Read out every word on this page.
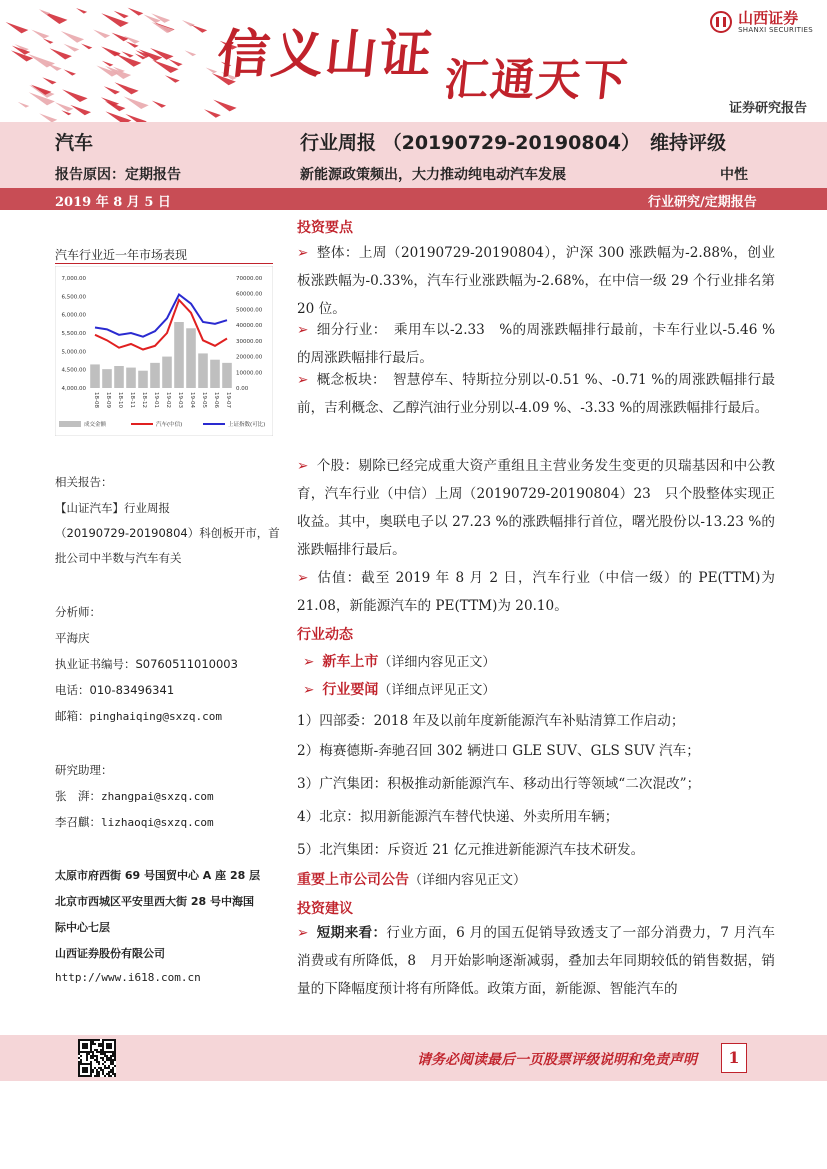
信义山证 汇通天下
山西证券
SHANXI SECURITIES
证券研究报告
汽车	行业周报 （20190729-20190804） 维持评级
报告原因：定期报告	新能源政策频出，大力推动纯电动汽车发展	中性
2019 年 8 月 5 日	行业研究/定期报告
汽车行业近一年市场表现
7,000.00
6,500.00
6,000.00
5,500.00
5,000.00
4,500.00
4,000.00
70000.00
60000.00
50000.00
40000.00
30000.00
20000.00
10000.00
0.00
18-08 18-09 18-10 18-11 18-12 19-01 19-02 19-03 19-04 19-05 19-06 19-07
成交金额	汽车(中信)	上证指数(可比)
相关报告：
【山证汽车】行业周报
（20190729-20190804）科创板开市，首
批公司中半数与汽车有关
分析师：
平海庆
执业证书编号：S0760511010003
电话：010-83496341
邮箱：pinghaiqing@sxzq.com
研究助理：
张　湃：zhangpai@sxzq.com
李召麒：lizhaoqi@sxzq.com
太原市府西街 69 号国贸中心 A 座 28 层
北京市西城区平安里西大街 28 号中海国
际中心七层
山西证券股份有限公司
http://www.i618.com.cn
投资要点
➢ 整体：上周（20190729-20190804），沪深 300 涨跌幅为-2.88%，创业板涨跌幅为-0.33%，汽车行业涨跌幅为-2.68%，在中信一级 29 个行业排名第 20 位。
➢ 细分行业：　乘用车以-2.33　%的周涨跌幅排行最前，卡车行业以-5.46 %的周涨跌幅排行最后。
➢ 概念板块：　智慧停车、特斯拉分别以-0.51 %、-0.71 %的周涨跌幅排行最前，吉利概念、乙醇汽油行业分别以-4.09 %、-3.33 %的周涨跌幅排行最后。
➢ 个股：剔除已经完成重大资产重组且主营业务发生变更的贝瑞基因和中公教育，汽车行业（中信）上周（20190729-20190804）23　只个股整体实现正收益。其中，奥联电子以 27.23 %的涨跌幅排行首位，曙光股份以-13.23 %的涨跌幅排行最后。
➢ 估值：截至 2019 年 8 月 2 日，汽车行业（中信一级）的 PE(TTM)为 21.08，新能源汽车的 PE(TTM)为 20.10。
行业动态
➢ 新车上市（详细内容见正文）
➢ 行业要闻（详细点评见正文）
1）四部委：2018 年及以前年度新能源汽车补贴清算工作启动；
2）梅赛德斯-奔驰召回 302 辆进口 GLE SUV、GLS SUV 汽车；
3）广汽集团：积极推动新能源汽车、移动出行等领域“二次混改”；
4）北京：拟用新能源汽车替代快递、外卖所用车辆；
5）北汽集团：斥资近 21 亿元推进新能源汽车技术研发。
重要上市公司公告（详细内容见正文）
投资建议
➢ 短期来看：行业方面，6 月的国五促销导致透支了一部分消费力，7 月汽车消费或有所降低，8　月开始影响逐渐减弱，叠加去年同期较低的销售数据，销量的下降幅度预计将有所降低。政策方面，新能源、智能汽车的
请务必阅读最后一页股票评级说明和免责声明	1
